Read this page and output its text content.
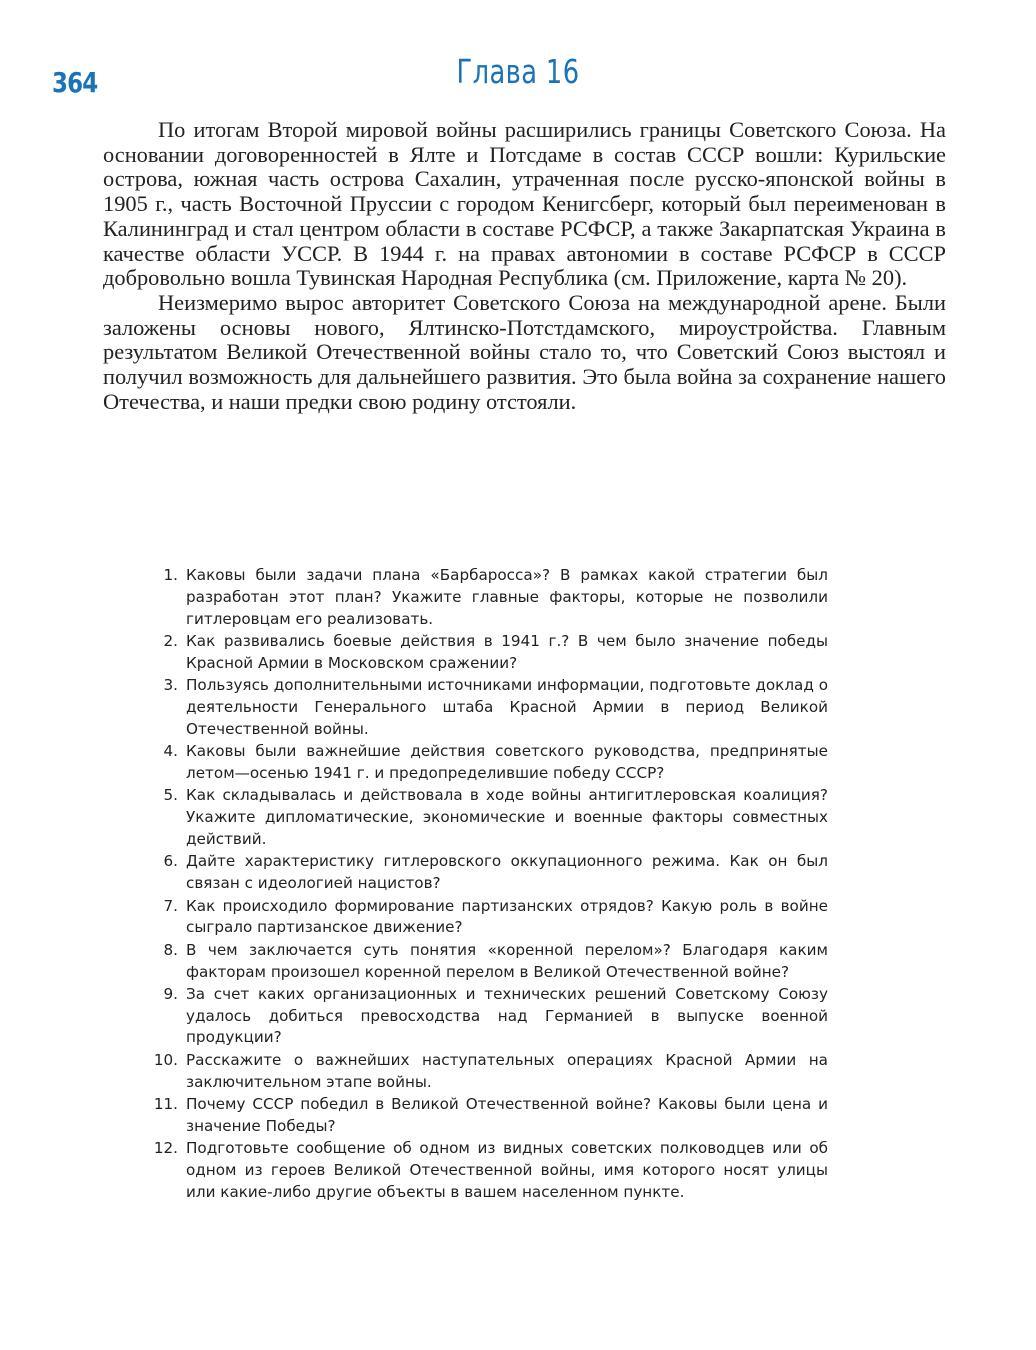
364	Глава 16

По итогам Второй мировой войны расширились границы Советского Союза. На основании договоренностей в Ялте и Потсдаме в состав СССР вошли: Курильские острова, южная часть острова Сахалин, утраченная после русско-японской войны в 1905 г., часть Восточной Пруссии с городом Кенигсберг, который был переименован в Калининград и стал центром области в составе РСФСР, а также Закарпатская Украина в качестве области УССР. В 1944 г. на правах автономии в составе РСФСР в СССР добровольно вошла Тувинская Народная Республика (см. Приложение, карта № 20).

Неизмеримо вырос авторитет Советского Союза на международной арене. Были заложены основы нового, Ялтинско-Потстдамского, мироустройства. Главным результатом Великой Отечественной войны стало то, что Советский Союз выстоял и получил возможность для дальнейшего развития. Это была война за сохранение нашего Отечества, и наши предки свою родину отстояли.

1. Каковы были задачи плана «Барбаросса»? В рамках какой стратегии был разработан этот план? Укажите главные факторы, которые не позволили гитлеровцам его реализовать.
2. Как развивались боевые действия в 1941 г.? В чем было значение победы Красной Армии в Московском сражении?
3. Пользуясь дополнительными источниками информации, подготовьте доклад о деятельности Генерального штаба Красной Армии в период Великой Отечественной войны.
4. Каковы были важнейшие действия советского руководства, предпринятые летом—осенью 1941 г. и предопределившие победу СССР?
5. Как складывалась и действовала в ходе войны антигитлеровская коалиция? Укажите дипломатические, экономические и военные факторы совместных действий.
6. Дайте характеристику гитлеровского оккупационного режима. Как он был связан с идеологией нацистов?
7. Как происходило формирование партизанских отрядов? Какую роль в войне сыграло партизанское движение?
8. В чем заключается суть понятия «коренной перелом»? Благодаря каким факторам произошел коренной перелом в Великой Отечественной войне?
9. За счет каких организационных и технических решений Советскому Союзу удалось добиться превосходства над Германией в выпуске военной продукции?
10. Расскажите о важнейших наступательных операциях Красной Армии на заключительном этапе войны.
11. Почему СССР победил в Великой Отечественной войне? Каковы были цена и значение Победы?
12. Подготовьте сообщение об одном из видных советских полководцев или об одном из героев Великой Отечественной войны, имя которого носят улицы или какие-либо другие объекты в вашем населенном пункте.
